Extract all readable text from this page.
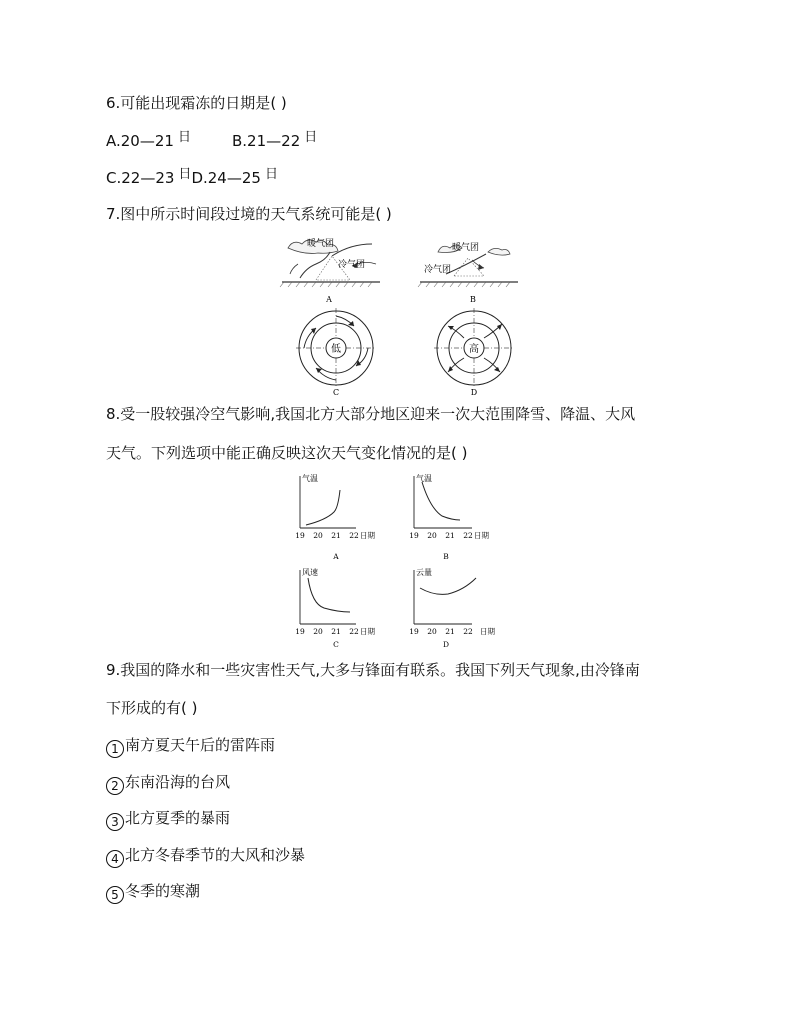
6.可能出现霜冻的日期是( )
A.20—21 日	B.21—22 日
C.22—23 日D.24—25 日
7.图中所示时间段过境的天气系统可能是( )
暖气团
冷气团
A
暖气团
冷气团
B
低
C
高
D
8.受一股较强冷空气影响,我国北方大部分地区迎来一次大范围降雪、降温、大风
天气。下列选项中能正确反映这次天气变化情况的是( )
气温
19 20 21 22 日期
A
气温
19 20 21 22 日期
B
风速
19 20 21 22 日期
C
云量
19 20 21 22 日期
D
9.我国的降水和一些灾害性天气,大多与锋面有联系。我国下列天气现象,由冷锋南
下形成的有( )
1 南方夏天午后的雷阵雨
2 东南沿海的台风
3 北方夏季的暴雨
4 北方冬春季节的大风和沙暴
5 冬季的寒潮
